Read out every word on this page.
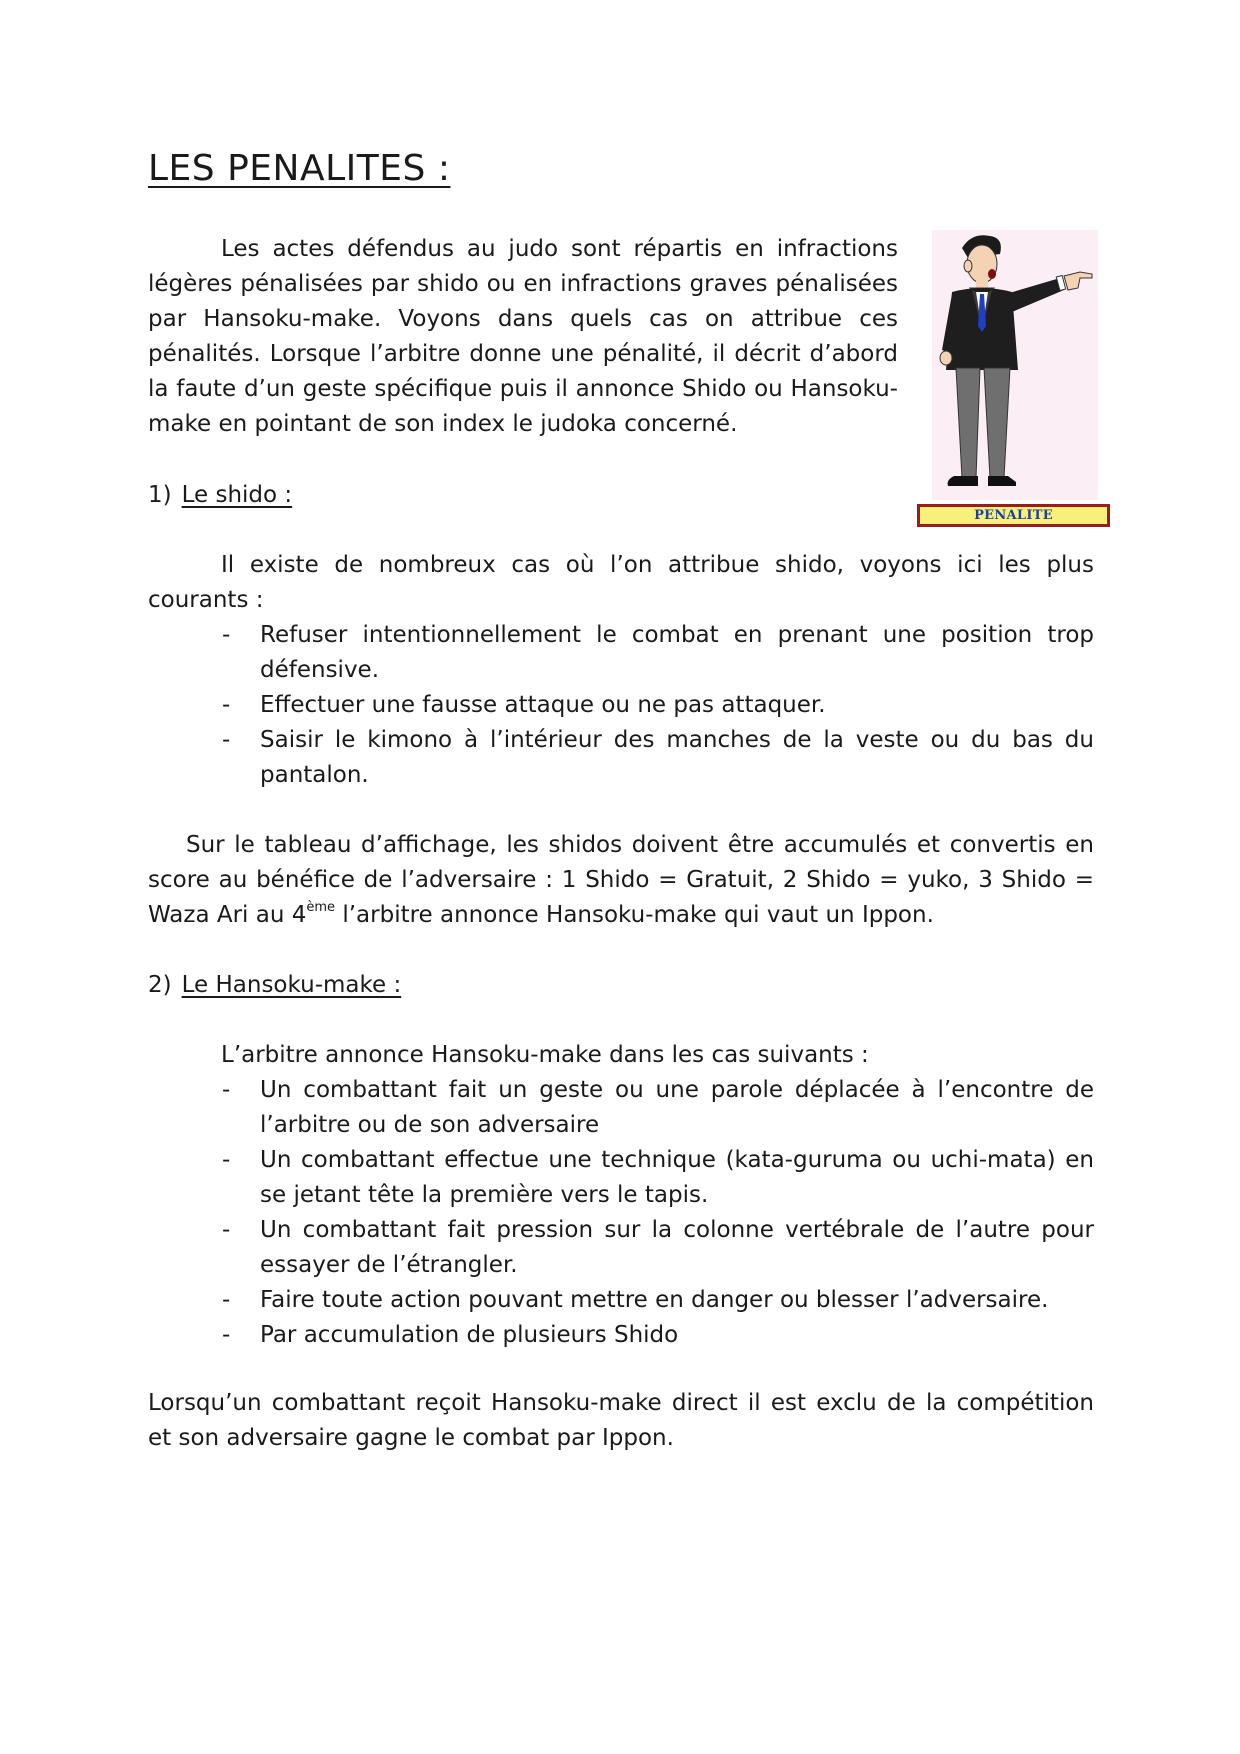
LES PENALITES :
Les actes défendus au judo sont répartis en infractions légères pénalisées par shido ou en infractions graves pénalisées par Hansoku-make. Voyons dans quels cas on attribue ces pénalités. Lorsque l’arbitre donne une pénalité, il décrit d’abord la faute d’un geste spécifique puis il annonce Shido ou Hansoku-make en pointant de son index le judoka concerné.
PENALITE
1) Le shido :
Il existe de nombreux cas où l’on attribue shido, voyons ici les plus courants :
- Refuser intentionnellement le combat en prenant une position trop défensive.
- Effectuer une fausse attaque ou ne pas attaquer.
- Saisir le kimono à l’intérieur des manches de la veste ou du bas du pantalon.
Sur le tableau d’affichage, les shidos doivent être accumulés et convertis en score au bénéfice de l’adversaire : 1 Shido = Gratuit, 2 Shido = yuko, 3 Shido = Waza Ari au 4ème l’arbitre annonce Hansoku-make qui vaut un Ippon.
2) Le Hansoku-make :
L’arbitre annonce Hansoku-make dans les cas suivants :
- Un combattant fait un geste ou une parole déplacée à l’encontre de l’arbitre ou de son adversaire
- Un combattant effectue une technique (kata-guruma ou uchi-mata) en se jetant tête la première vers le tapis.
- Un combattant fait pression sur la colonne vertébrale de l’autre pour essayer de l’étrangler.
- Faire toute action pouvant mettre en danger ou blesser l’adversaire.
- Par accumulation de plusieurs Shido
Lorsqu’un combattant reçoit Hansoku-make direct il est exclu de la compétition et son adversaire gagne le combat par Ippon.
